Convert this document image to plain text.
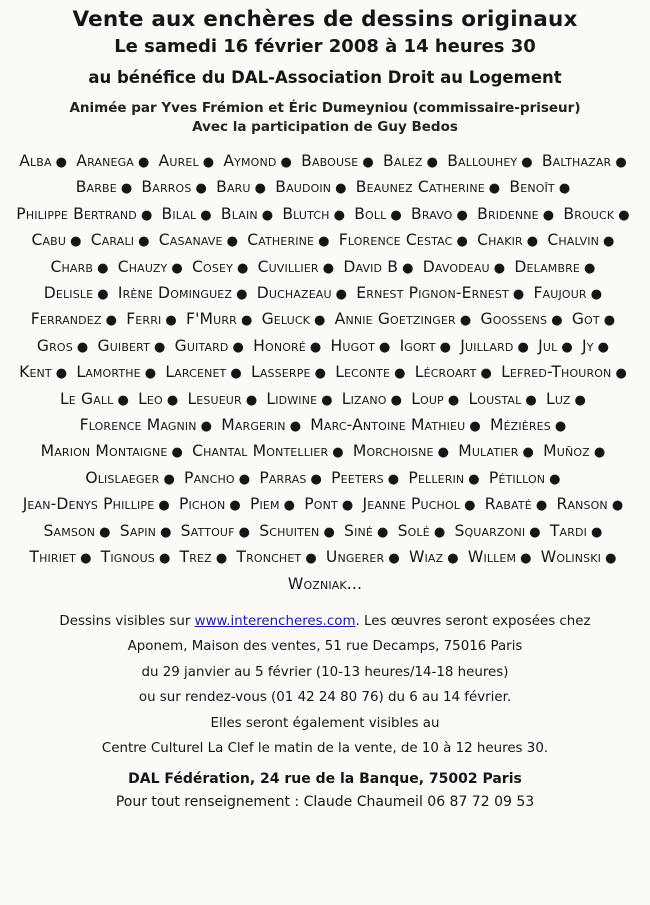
Vente aux enchères de dessins originaux
Le samedi 16 février 2008 à 14 heures 30
au bénéfice du DAL-Association Droit au Logement
Animée par Yves Frémion et Éric Dumeyniou (commissaire-priseur)
Avec la participation de Guy Bedos
Alba ● Aranega ● Aurel ● Aymond ● Babouse ● Balez ● Ballouhey ● Balthazar ● Barbe ● Barros ● Baru ● Baudoin ● Beaunez Catherine ● Benoît ● Philippe Bertrand ● Bilal ● Blain ● Blutch ● Boll ● Bravo ● Bridenne ● Brouck ● Cabu ● Carali ● Casanave ● Catherine ● Florence Cestac ● Chakir ● Chalvin ● Charb ● Chauzy ● Cosey ● Cuvillier ● David B ● Davodeau ● Delambre ● Delisle ● Irène Dominguez ● Duchazeau ● Ernest Pignon-Ernest ● Faujour ● Ferrandez ● Ferri ● F'Murr ● Geluck ● Annie Goetzinger ● Goossens ● Got ● Gros ● Guibert ● Guitard ● Honoré ● Hugot ● Igort ● Juillard ● Jul ● Jy ● Kent ● Lamorthe ● Larcenet ● Lasserpe ● Leconte ● Lécroart ● Lefred-Thouron ● Le Gall ● Leo ● Lesueur ● Lidwine ● Lizano ● Loup ● Loustal ● Luz ● Florence Magnin ● Margerin ● Marc-Antoine Mathieu ● Mézières ● Marion Montaigne ● Chantal Montellier ● Morchoisne ● Mulatier ● Muñoz ● Olislaeger ● Pancho ● Parras ● Peeters ● Pellerin ● Pétillon ● Jean-Denys Phillipe ● Pichon ● Piem ● Pont ● Jeanne Puchol ● Rabaté ● Ranson ● Samson ● Sapin ● Sattouf ● Schuiten ● Siné ● Solé ● Squarzoni ● Tardi ● Thiriet ● Tignous ● Trez ● Tronchet ● Ungerer ● Wiaz ● Willem ● Wolinski ● Wozniak...
Dessins visibles sur www.interencheres.com. Les œuvres seront exposées chez
Aponem, Maison des ventes, 51 rue Decamps, 75016 Paris
du 29 janvier au 5 février (10-13 heures/14-18 heures)
ou sur rendez-vous (01 42 24 80 76) du 6 au 14 février.
Elles seront également visibles au
Centre Culturel La Clef le matin de la vente, de 10 à 12 heures 30.
DAL Fédération, 24 rue de la Banque, 75002 Paris
Pour tout renseignement : Claude Chaumeil 06 87 72 09 53
